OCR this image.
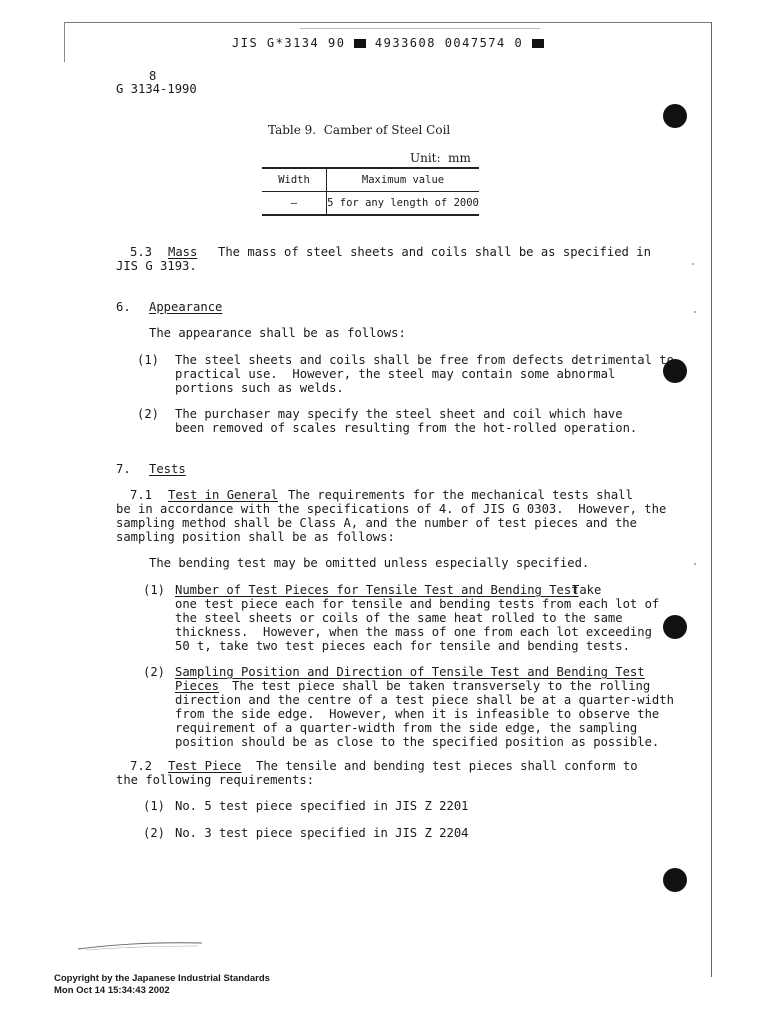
JIS G*3134 90 4933608 0047574 0
8
G 3134-1990
Table 9.  Camber of Steel Coil
Unit:  mm
Width	Maximum value
—	5 for any length of 2000
5.3 Mass The mass of steel sheets and coils shall be as specified in
JIS G 3193.
6. Appearance
The appearance shall be as follows:
(1) The steel sheets and coils shall be free from defects detrimental to
practical use.  However, the steel may contain some abnormal
portions such as welds.
(2) The purchaser may specify the steel sheet and coil which have
been removed of scales resulting from the hot-rolled operation.
7. Tests
7.1 Test in General The requirements for the mechanical tests shall
be in accordance with the specifications of 4. of JIS G 0303.  However, the
sampling method shall be Class A, and the number of test pieces and the
sampling position shall be as follows:
The bending test may be omitted unless especially specified.
(1) Number of Test Pieces for Tensile Test and Bending Test
Take
one test piece each for tensile and bending tests from each lot of
the steel sheets or coils of the same heat rolled to the same
thickness.  However, when the mass of one from each lot exceeding
50 t, take two test pieces each for tensile and bending tests.
(2) Sampling Position and Direction of Tensile Test and Bending Test
Pieces The test piece shall be taken transversely to the rolling
direction and the centre of a test piece shall be at a quarter-width
from the side edge.  However, when it is infeasible to observe the
requirement of a quarter-width from the side edge, the sampling
position should be as close to the specified position as possible.
7.2 Test Piece The tensile and bending test pieces shall conform to
the following requirements:
(1) No. 5 test piece specified in JIS Z 2201
(2) No. 3 test piece specified in JIS Z 2204
Copyright by the Japanese Industrial Standards
Mon Oct 14 15:34:43 2002
